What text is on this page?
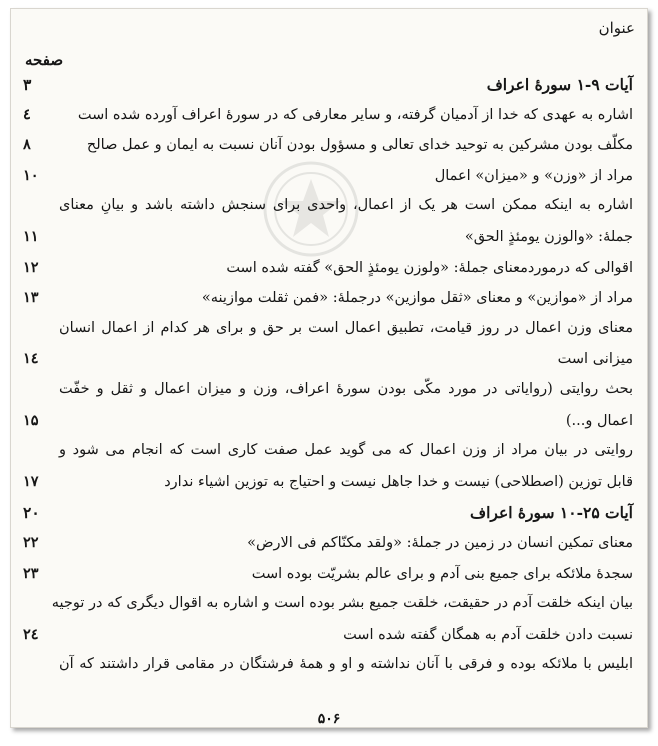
عنوان
صفحه
آیات ۹-۱ سورهٔ اعراف
۳
اشاره به عهدی که خدا از آدمیان گرفته، و سایر معارفی که در سورهٔ اعراف آورده شده است
٤
مکلّف بودن مشرکین به توحید خدای تعالی و مسؤول بودن آنان نسبت به ایمان و عمل صالح
۸
مراد از «وزن» و «میزان» اعمال
۱۰
اشاره به اینکه ممکن است هر یک از اعمال، واحدی برای سنجش داشته باشد و بیانِ معنای
جملهٔ: «والوزن یومئذٍ الحق»
۱۱
اقوالی که درموردمعنای جملهٔ: «ولوزن یومئذٍ الحق» گفته شده است
۱۲
مراد از «موازین» و معنای «ثقل موازین» درجملهٔ: «فمن ثقلت موازینه»
۱۳
معنای وزن اعمال در روز قیامت، تطبیق اعمال است بر حق و برای هر کدام از اعمال انسان
میزانی است
۱٤
بحث روایتی (روایاتی در مورد مکّی بودن سورهٔ اعراف، وزن و میزان اعمال و ثقل و خفّت
اعمال و...)
۱۵
روایتی در بیان مراد از وزن اعمال که می گوید عمل صفت کاری است که انجام می شود و
قابل توزین (اصطلاحی) نیست و خدا جاهل نیست و احتیاج به توزین اشیاء ندارد
۱۷
آیات ۲۵-۱۰ سورهٔ اعراف
۲۰
معنای تمکین انسان در زمین در جملهٔ: «ولقد مکنّاکم فی الارض»
۲۲
سجدهٔ ملائکه برای جمیع بنی آدم و برای عالم بشریّت بوده است
۲۳
بیان اینکه خلقت آدم در حقیقت، خلقت جمیع بشر بوده است و اشاره به اقوال دیگری که در توجیه
نسبت دادن خلقت آدم به همگان گفته شده است
۲٤
ابلیس با ملائکه بوده و فرقی با آنان نداشته و او و همهٔ فرشتگان در مقامی قرار داشتند که آن
۵۰۶
